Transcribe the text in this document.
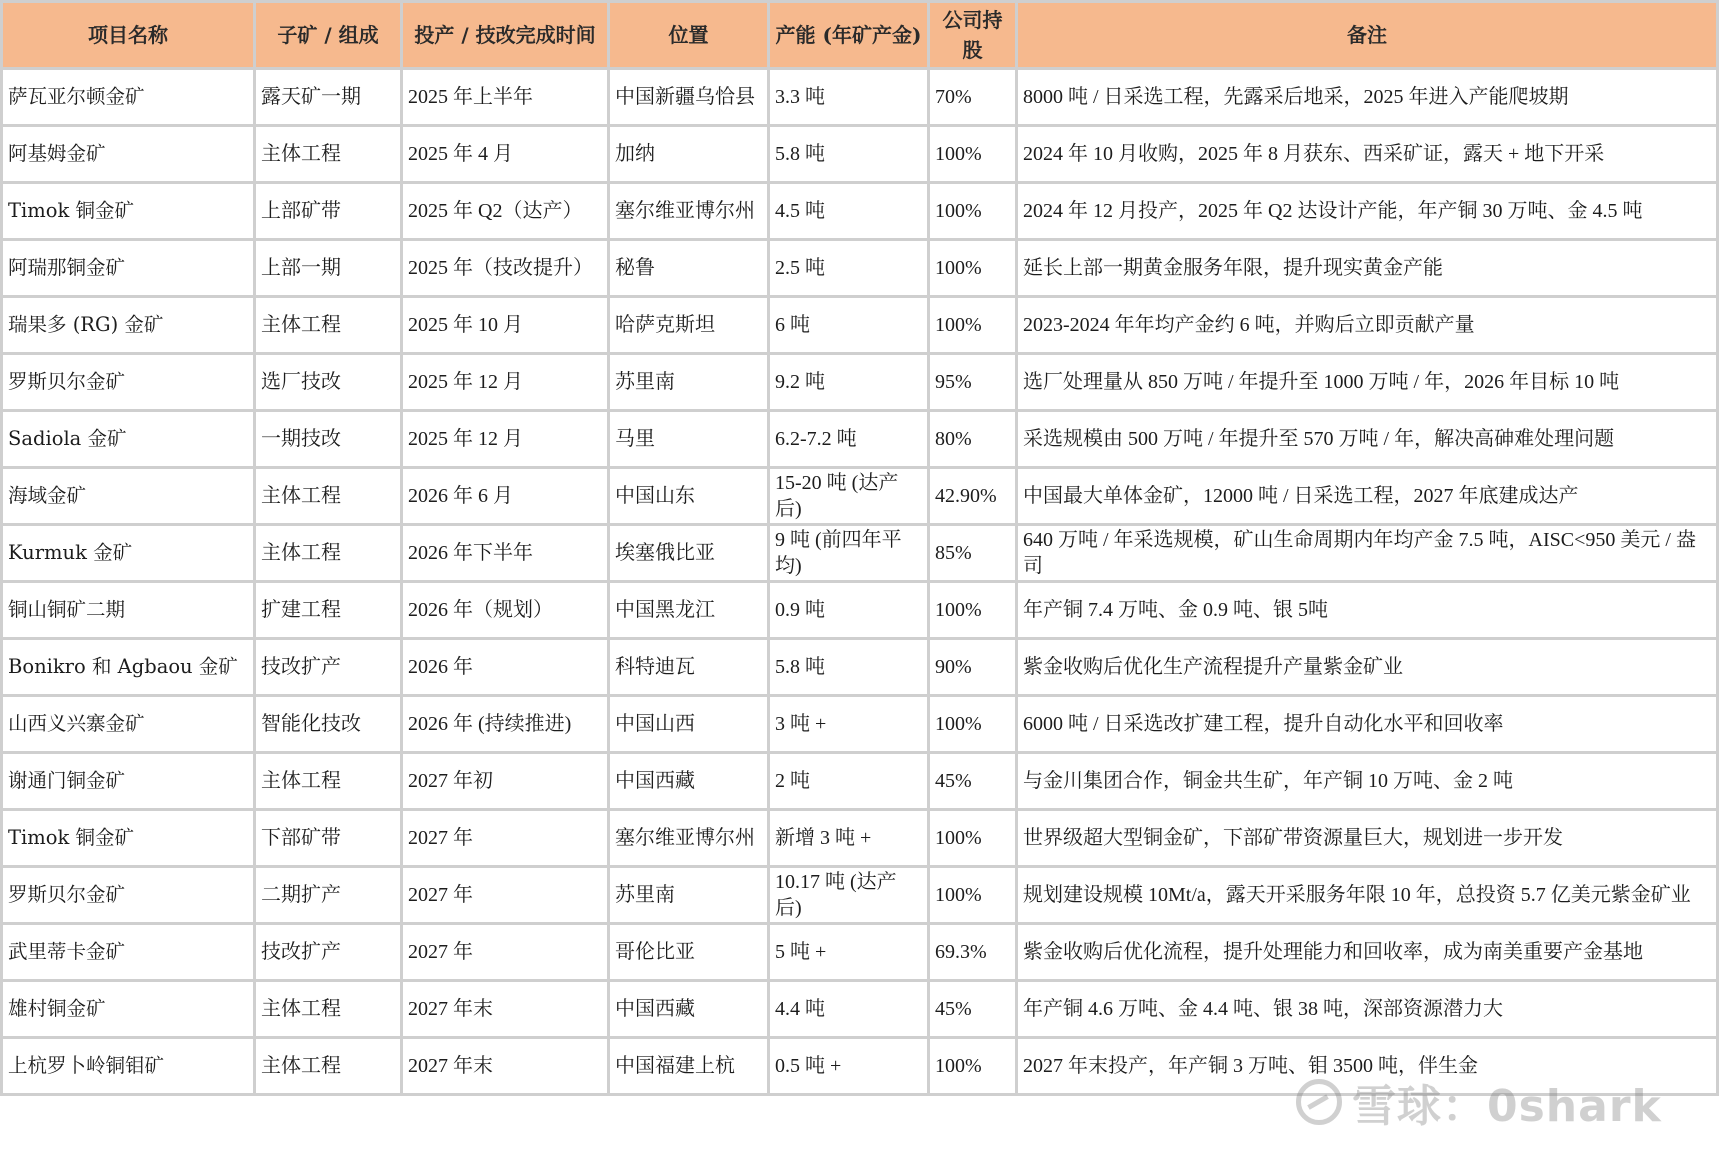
项目名称	子矿 / 组成	投产 / 技改完成时间	位置	产能 (年矿产金)	公司持股	备注

萨瓦亚尔顿金矿	露天矿一期	2025 年上半年	中国新疆乌恰县	3.3 吨	70%	8000 吨 / 日采选工程，先露采后地采，2025 年进入产能爬坡期

阿基姆金矿	主体工程	2025 年 4 月	加纳	5.8 吨	100%	2024 年 10 月收购，2025 年 8 月获东、西采矿证，露天 + 地下开采

Timok 铜金矿	上部矿带	2025 年 Q2（达产）	塞尔维亚博尔州	4.5 吨	100%	2024 年 12 月投产，2025 年 Q2 达设计产能，年产铜 30 万吨、金 4.5 吨

阿瑞那铜金矿	上部一期	2025 年（技改提升）	秘鲁	2.5 吨	100%	延长上部一期黄金服务年限，提升现实黄金产能

瑞果多 (RG) 金矿	主体工程	2025 年 10 月	哈萨克斯坦	6 吨	100%	2023-2024 年年均产金约 6 吨，并购后立即贡献产量

罗斯贝尔金矿	选厂技改	2025 年 12 月	苏里南	9.2 吨	95%	选厂处理量从 850 万吨 / 年提升至 1000 万吨 / 年，2026 年目标 10 吨

Sadiola 金矿	一期技改	2025 年 12 月	马里	6.2-7.2 吨	80%	采选规模由 500 万吨 / 年提升至 570 万吨 / 年，解决高砷难处理问题

海域金矿	主体工程	2026 年 6 月	中国山东	15-20 吨 (达产后)	42.90%	中国最大单体金矿，12000 吨 / 日采选工程，2027 年底建成达产

Kurmuk 金矿	主体工程	2026 年下半年	埃塞俄比亚	9 吨 (前四年平均)	85%	640 万吨 / 年采选规模，矿山生命周期内年均产金 7.5 吨，AISC<950 美元 / 盎司

铜山铜矿二期	扩建工程	2026 年（规划）	中国黑龙江	0.9 吨	100%	年产铜 7.4 万吨、金 0.9 吨、银 5吨

Bonikro 和 Agbaou 金矿	技改扩产	2026 年	科特迪瓦	5.8 吨	90%	紫金收购后优化生产流程提升产量紫金矿业

山西义兴寨金矿	智能化技改	2026 年 (持续推进)	中国山西	3 吨 +	100%	6000 吨 / 日采选改扩建工程，提升自动化水平和回收率

谢通门铜金矿	主体工程	2027 年初	中国西藏	2 吨	45%	与金川集团合作，铜金共生矿，年产铜 10 万吨、金 2 吨

Timok 铜金矿	下部矿带	2027 年	塞尔维亚博尔州	新增 3 吨 +	100%	世界级超大型铜金矿，下部矿带资源量巨大，规划进一步开发

罗斯贝尔金矿	二期扩产	2027 年	苏里南	10.17 吨 (达产后)	100%	规划建设规模 10Mt/a，露天开采服务年限 10 年，总投资 5.7 亿美元紫金矿业

武里蒂卡金矿	技改扩产	2027 年	哥伦比亚	5 吨 +	69.3%	紫金收购后优化流程，提升处理能力和回收率，成为南美重要产金基地

雄村铜金矿	主体工程	2027 年末	中国西藏	4.4 吨	45%	年产铜 4.6 万吨、金 4.4 吨、银 38 吨，深部资源潜力大

上杭罗卜岭铜钼矿	主体工程	2027 年末	中国福建上杭	0.5 吨 +	100%	2027 年末投产，年产铜 3 万吨、钼 3500 吨，伴生金
雪球：0shark
